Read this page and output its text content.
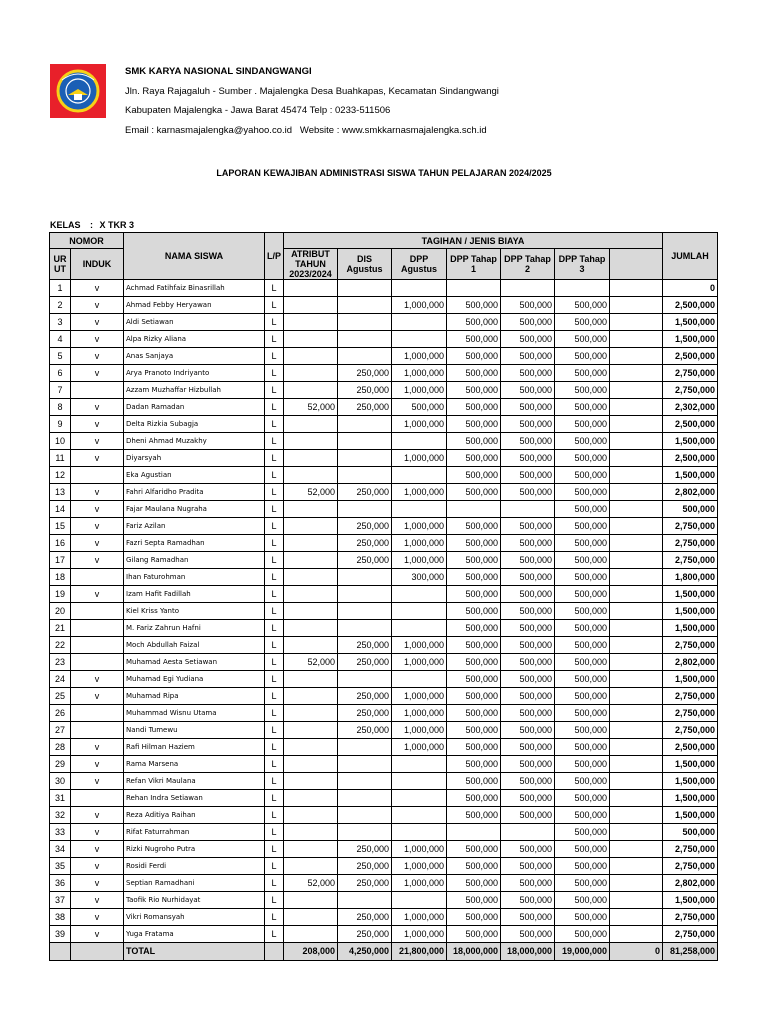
SMK KARYA NASIONAL SINDANGWANGI
Jln. Raya Rajagaluh - Sumber . Majalengka Desa Buahkapas, Kecamatan Sindangwangi
Kabupaten Majalengka - Jawa Barat 45474 Telp : 0233-511506
Email : karnasmajalengka@yahoo.co.id   Website : www.smkkarnasmajalengka.sch.id
LAPORAN KEWAJIBAN ADMINISTRASI SISWA TAHUN PELAJARAN 2024/2025
KELAS : X TKR 3
NOMOR		NAMA SISWA	L/P	TAGIHAN / JENIS BIAYA							JUMLAH
UR UT	INDUK			ATRIBUT TAHUN 2023/2024	DIS Agustus	DPP Agustus	DPP Tahap 1	DPP Tahap 2	DPP Tahap 3		
1	v	Achmad Fatihfaiz Binasrillah	L								0
2	v	Ahmad Febby Heryawan	L			1,000,000	500,000	500,000	500,000		2,500,000
3	v	Aldi Setiawan	L				500,000	500,000	500,000		1,500,000
4	v	Alpa Rizky Aliana	L				500,000	500,000	500,000		1,500,000
5	v	Anas Sanjaya	L			1,000,000	500,000	500,000	500,000		2,500,000
6	v	Arya Pranoto Indriyanto	L		250,000	1,000,000	500,000	500,000	500,000		2,750,000
7		Azzam Muzhaffar Hizbullah	L		250,000	1,000,000	500,000	500,000	500,000		2,750,000
8	v	Dadan Ramadan	L	52,000	250,000	500,000	500,000	500,000	500,000		2,302,000
9	v	Delta Rizkia Subagja	L			1,000,000	500,000	500,000	500,000		2,500,000
10	v	Dheni Ahmad Muzakhy	L				500,000	500,000	500,000		1,500,000
11	v	Diyarsyah	L			1,000,000	500,000	500,000	500,000		2,500,000
12		Eka Agustian	L				500,000	500,000	500,000		1,500,000
13	v	Fahri Alfaridho Pradita	L	52,000	250,000	1,000,000	500,000	500,000	500,000		2,802,000
14	v	Fajar Maulana Nugraha	L						500,000		500,000
15	v	Fariz Azilan	L		250,000	1,000,000	500,000	500,000	500,000		2,750,000
16	v	Fazri Septa Ramadhan	L		250,000	1,000,000	500,000	500,000	500,000		2,750,000
17	v	Gilang Ramadhan	L		250,000	1,000,000	500,000	500,000	500,000		2,750,000
18		Ihan Faturohman	L			300,000	500,000	500,000	500,000		1,800,000
19	v	Izam Hafit Fadillah	L				500,000	500,000	500,000		1,500,000
20		Kiel Kriss Yanto	L				500,000	500,000	500,000		1,500,000
21		M. Fariz Zahrun Hafni	L				500,000	500,000	500,000		1,500,000
22		Moch Abdullah Faizal	L		250,000	1,000,000	500,000	500,000	500,000		2,750,000
23		Muhamad Aesta Setiawan	L	52,000	250,000	1,000,000	500,000	500,000	500,000		2,802,000
24	v	Muhamad Egi Yudiana	L				500,000	500,000	500,000		1,500,000
25	v	Muhamad Ripa	L		250,000	1,000,000	500,000	500,000	500,000		2,750,000
26		Muhammad Wisnu Utama	L		250,000	1,000,000	500,000	500,000	500,000		2,750,000
27		Nandi Tumewu	L		250,000	1,000,000	500,000	500,000	500,000		2,750,000
28	v	Rafi Hilman Haziem	L			1,000,000	500,000	500,000	500,000		2,500,000
29	v	Rama Marsena	L				500,000	500,000	500,000		1,500,000
30	v	Refan Vikri Maulana	L				500,000	500,000	500,000		1,500,000
31		Rehan Indra Setiawan	L				500,000	500,000	500,000		1,500,000
32	v	Reza Aditiya Raihan	L				500,000	500,000	500,000		1,500,000
33	v	Rifat Faturrahman	L						500,000		500,000
34	v	Rizki Nugroho Putra	L		250,000	1,000,000	500,000	500,000	500,000		2,750,000
35	v	Rosidi Ferdi	L		250,000	1,000,000	500,000	500,000	500,000		2,750,000
36	v	Septian Ramadhani	L	52,000	250,000	1,000,000	500,000	500,000	500,000		2,802,000
37	v	Taofik Rio Nurhidayat	L				500,000	500,000	500,000		1,500,000
38	v	Vikri Romansyah	L		250,000	1,000,000	500,000	500,000	500,000		2,750,000
39	v	Yuga Fratama	L		250,000	1,000,000	500,000	500,000	500,000		2,750,000
		TOTAL		208,000	4,250,000	21,800,000	18,000,000	18,000,000	19,000,000	0	81,258,000
